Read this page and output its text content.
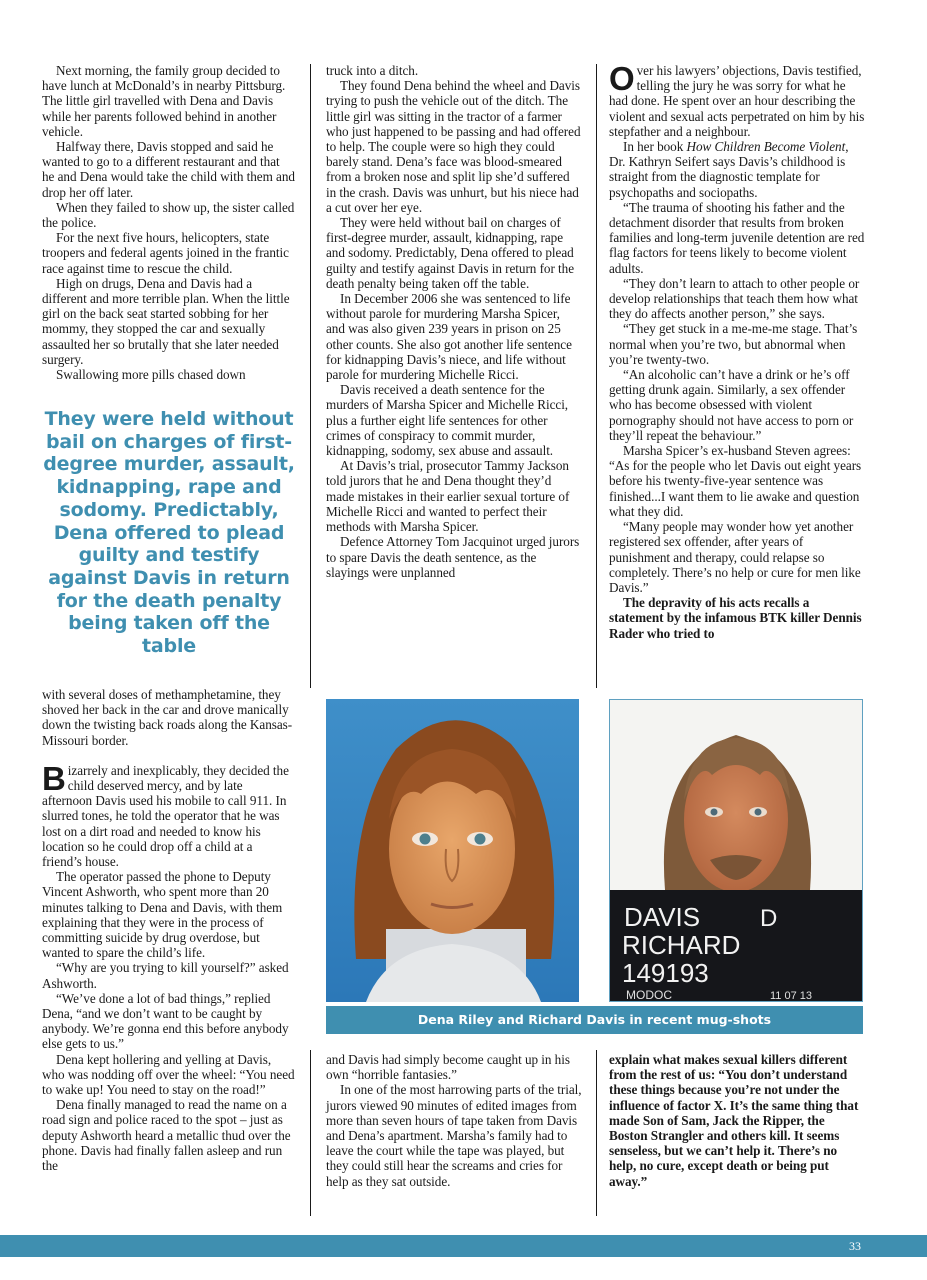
Next morning, the family group decided to have lunch at McDonald’s in nearby Pittsburg. The little girl travelled with Dena and Davis while her parents followed behind in another vehicle.

Halfway there, Davis stopped and said he wanted to go to a different restaurant and that he and Dena would take the child with them and drop her off later.

When they failed to show up, the sister called the police.

For the next five hours, helicopters, state troopers and federal agents joined in the frantic race against time to rescue the child.

High on drugs, Dena and Davis had a different and more terrible plan. When the little girl on the back seat started sobbing for her mommy, they stopped the car and sexually assaulted her so brutally that she later needed surgery.

Swallowing more pills chased down

They were held without bail on charges of first-degree murder, assault, kidnapping, rape and sodomy. Predictably, Dena offered to plead guilty and testify against Davis in return for the death penalty being taken off the table

with several doses of methamphetamine, they shoved her back in the car and drove manically down the twisting back roads along the Kansas-Missouri border.

Bizarrely and inexplicably, they decided the child deserved mercy, and by late afternoon Davis used his mobile to call 911. In slurred tones, he told the operator that he was lost on a dirt road and needed to know his location so he could drop off a child at a friend’s house.

The operator passed the phone to Deputy Vincent Ashworth, who spent more than 20 minutes talking to Dena and Davis, with them explaining that they were in the process of committing suicide by drug overdose, but wanted to spare the child’s life.

“Why are you trying to kill yourself?” asked Ashworth.

“We’ve done a lot of bad things,” replied Dena, “and we don’t want to be caught by anybody. We’re gonna end this before anybody else gets to us.”

Dena kept hollering and yelling at Davis, who was nodding off over the wheel: “You need to wake up! You need to stay on the road!”

Dena finally managed to read the name on a road sign and police raced to the spot – just as deputy Ashworth heard a metallic thud over the phone. Davis had finally fallen asleep and run the

truck into a ditch.

They found Dena behind the wheel and Davis trying to push the vehicle out of the ditch. The little girl was sitting in the tractor of a farmer who just happened to be passing and had offered to help. The couple were so high they could barely stand. Dena’s face was blood-smeared from a broken nose and split lip she’d suffered in the crash. Davis was unhurt, but his niece had a cut over her eye.

They were held without bail on charges of first-degree murder, assault, kidnapping, rape and sodomy. Predictably, Dena offered to plead guilty and testify against Davis in return for the death penalty being taken off the table.

In December 2006 she was sentenced to life without parole for murdering Marsha Spicer, and was also given 239 years in prison on 25 other counts. She also got another life sentence for kidnapping Davis’s niece, and life without parole for murdering Michelle Ricci.

Davis received a death sentence for the murders of Marsha Spicer and Michelle Ricci, plus a further eight life sentences for other crimes of conspiracy to commit murder, kidnapping, sodomy, sex abuse and assault.

At Davis’s trial, prosecutor Tammy Jackson told jurors that he and Dena thought they’d made mistakes in their earlier sexual torture of Michelle Ricci and wanted to perfect their methods with Marsha Spicer.

Defence Attorney Tom Jacquinot urged jurors to spare Davis the death sentence, as the slayings were unplanned

Over his lawyers’ objections, Davis testified, telling the jury he was sorry for what he had done. He spent over an hour describing the violent and sexual acts perpetrated on him by his stepfather and a neighbour.

In her book How Children Become Violent, Dr. Kathryn Seifert says Davis’s childhood is straight from the diagnostic template for psychopaths and sociopaths.

“The trauma of shooting his father and the detachment disorder that results from broken families and long-term juvenile detention are red flag factors for teens likely to become violent adults.

“They don’t learn to attach to other people or develop relationships that teach them how what they do affects another person,” she says.

“They get stuck in a me-me-me stage. That’s normal when you’re two, but abnormal when you’re twenty-two.

“An alcoholic can’t have a drink or he’s off getting drunk again. Similarly, a sex offender who has become obsessed with violent pornography should not have access to porn or they’ll repeat the behaviour.”

Marsha Spicer’s ex-husband Steven agrees: “As for the people who let Davis out eight years before his twenty-five-year sentence was finished...I want them to lie awake and question what they did.

“Many people may wonder how yet another registered sex offender, after years of punishment and therapy, could relapse so completely. There’s no help or cure for men like Davis.”

The depravity of his acts recalls a statement by the infamous BTK killer Dennis Rader who tried to

DAVIS D
RICHARD
149193
MODOC	11 07 13
Dena Riley and Richard Davis in recent mug-shots

and Davis had simply become caught up in his own “horrible fantasies.”

In one of the most harrowing parts of the trial, jurors viewed 90 minutes of edited images from more than seven hours of tape taken from Davis and Dena’s apartment. Marsha’s family had to leave the court while the tape was played, but they could still hear the screams and cries for help as they sat outside.

explain what makes sexual killers different from the rest of us: “You don’t understand these things because you’re not under the influence of factor X. It’s the same thing that made Son of Sam, Jack the Ripper, the Boston Strangler and others kill. It seems senseless, but we can’t help it. There’s no help, no cure, except death or being put away.”

33
